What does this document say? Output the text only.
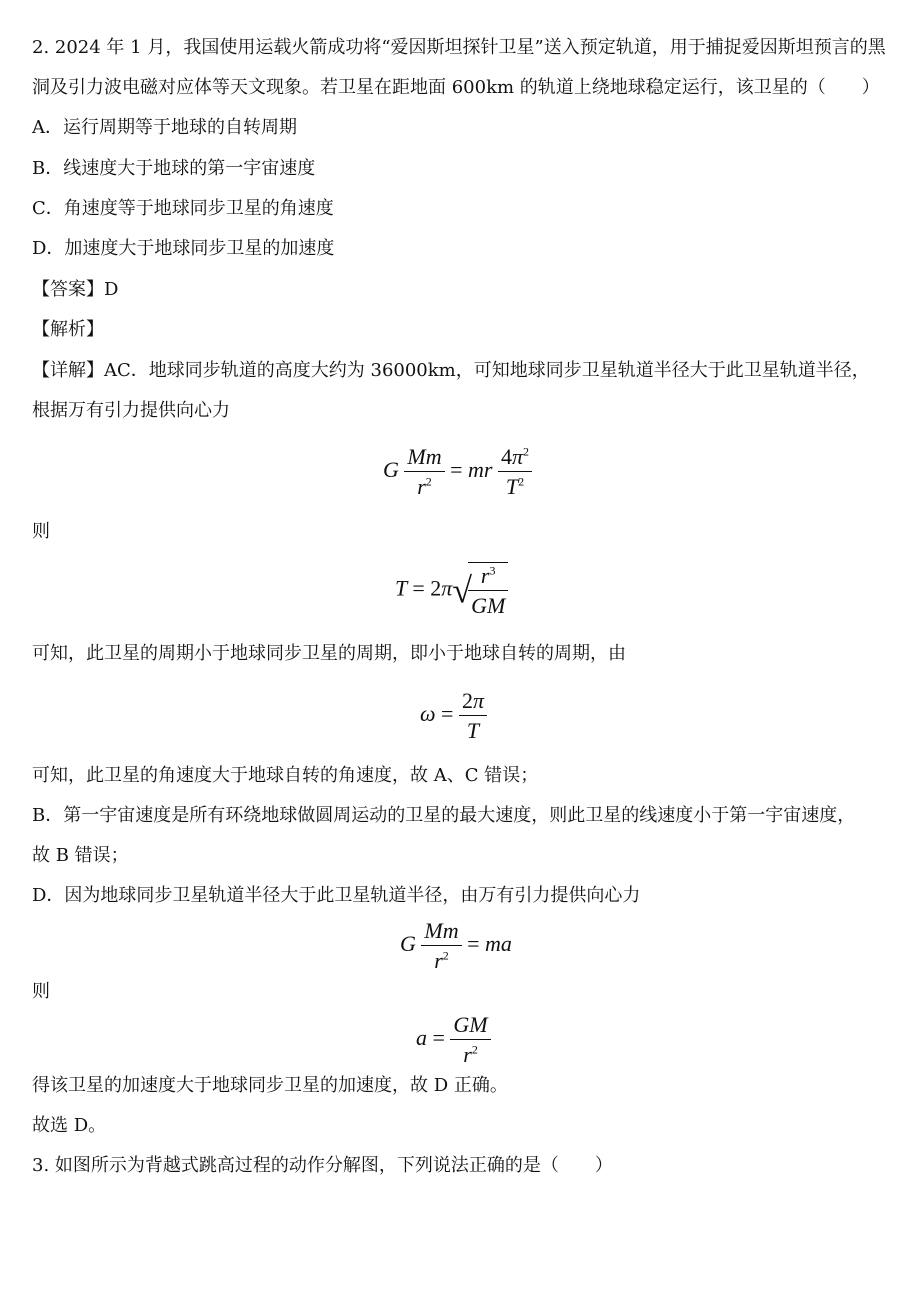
2. 2024 年 1 月，我国使用运载火箭成功将“爱因斯坦探针卫星”送入预定轨道，用于捕捉爱因斯坦预言的黑
洞及引力波电磁对应体等天文现象。若卫星在距地面 600km 的轨道上绕地球稳定运行，该卫星的（　　）
A．运行周期等于地球的自转周期
B．线速度大于地球的第一宇宙速度
C．角速度等于地球同步卫星的角速度
D．加速度大于地球同步卫星的加速度
【答案】D
【解析】
【详解】AC．地球同步轨道的高度大约为 36000km，可知地球同步卫星轨道半径大于此卫星轨道半径，
根据万有引力提供向心力
G $\frac{Mm}{r^2}$ = mr $\frac{4\pi^2}{T^2}$
则
T = 2π√
$\frac{r^3}{GM}$
可知，此卫星的周期小于地球同步卫星的周期，即小于地球自转的周期，由
$\omega = \frac{2\pi}{T}$
可知，此卫星的角速度大于地球自转的角速度，故 A、C 错误；
B．第一宇宙速度是所有环绕地球做圆周运动的卫星的最大速度，则此卫星的线速度小于第一宇宙速度，
故 B 错误；
D．因为地球同步卫星轨道半径大于此卫星轨道半径，由万有引力提供向心力
G $\frac{Mm}{r^2}$ = ma
则
$a = \frac{GM}{r^2}$
得该卫星的加速度大于地球同步卫星的加速度，故 D 正确。
故选 D。
3. 如图所示为背越式跳高过程的动作分解图，下列说法正确的是（　　）
